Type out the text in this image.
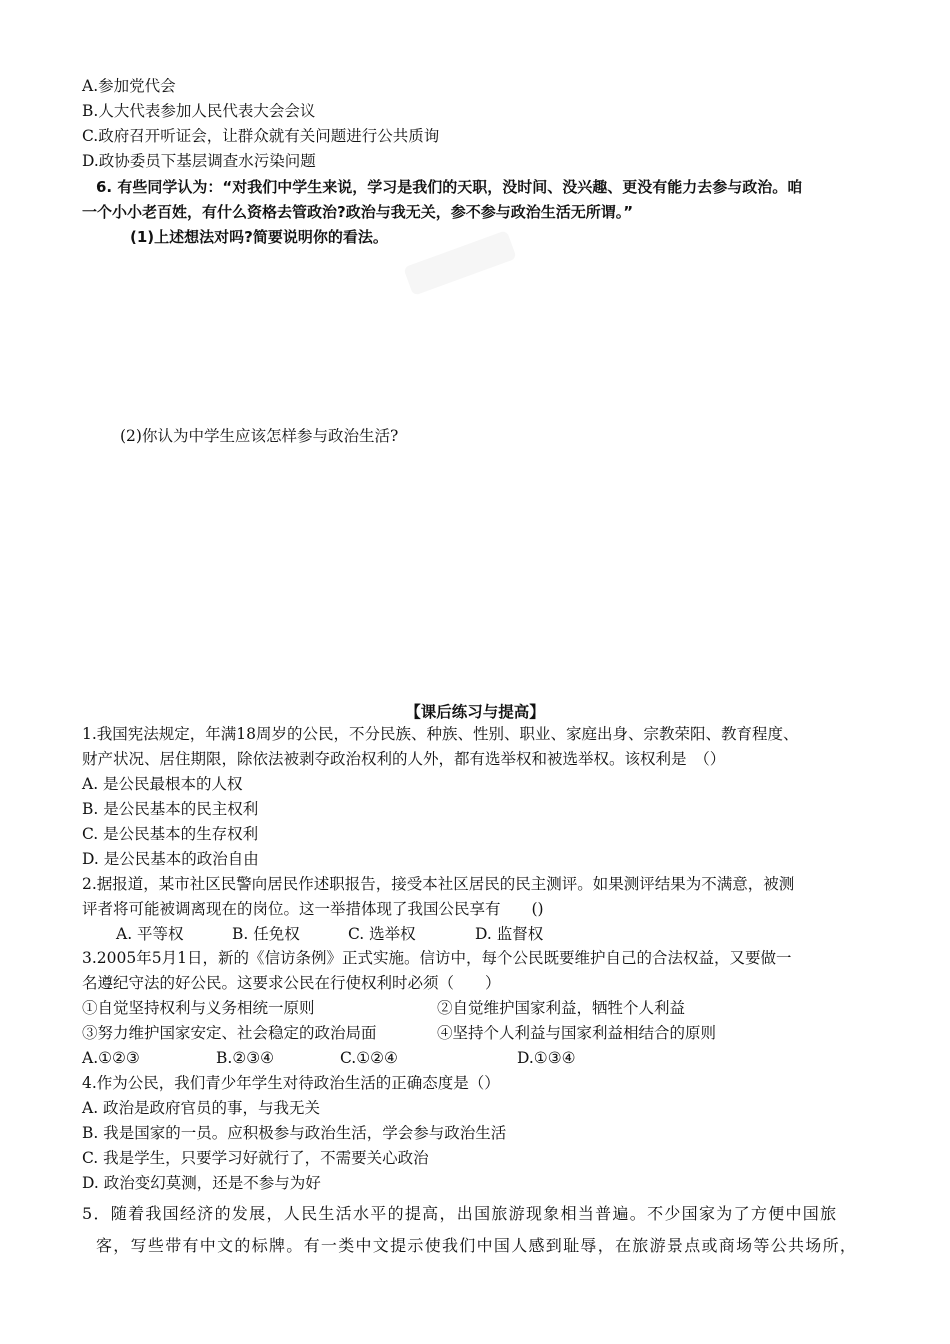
A.参加党代会
B.人大代表参加人民代表大会会议
C.政府召开听证会，让群众就有关问题进行公共质询
D.政协委员下基层调查水污染问题
6. 有些同学认为：“对我们中学生来说，学习是我们的天职，没时间、没兴趣、更没有能力去参与政治。咱
一个小小老百姓，有什么资格去管政治?政治与我无关，参不参与政治生活无所谓。”
(1)上述想法对吗?简要说明你的看法。
(2)你认为中学生应该怎样参与政治生活?
【课后练习与提高】
1.我国宪法规定，年满18周岁的公民，不分民族、种族、性别、职业、家庭出身、宗教荣阳、教育程度、
财产状况、居住期限，除依法被剥夺政治权利的人外，都有选举权和被选举权。该权利是　（）
A. 是公民最根本的人权
B. 是公民基本的民主权利
C. 是公民基本的生存权利
D. 是公民基本的政治自由
2.据报道，某市社区民警向居民作述职报告，接受本社区居民的民主测评。如果测评结果为不满意，被测
评者将可能被调离现在的岗位。这一举措体现了我国公民享有　　()
A. 平等权	B. 任免权	C. 选举权	D. 监督权
3.2005年5月1日，新的《信访条例》正式实施。信访中，每个公民既要维护自己的合法权益，又要做一
名遵纪守法的好公民。这要求公民在行使权利时必须（　　）
①自觉坚持权利与义务相统一原则	②自觉维护国家利益，牺牲个人利益
③努力维护国家安定、社会稳定的政治局面	④坚持个人利益与国家利益相结合的原则
A.①②③	B.②③④	C.①②④	D.①③④
4.作为公民，我们青少年学生对待政治生活的正确态度是（）
A. 政治是政府官员的事，与我无关
B. 我是国家的一员。应积极参与政治生活，学会参与政治生活
C. 我是学生，只要学习好就行了，不需要关心政治
D. 政治变幻莫测，还是不参与为好
5．随着我国经济的发展，人民生活水平的提高，出国旅游现象相当普遍。不少国家为了方便中国旅
客，写些带有中文的标牌。有一类中文提示使我们中国人感到耻辱，在旅游景点或商场等公共场所，
